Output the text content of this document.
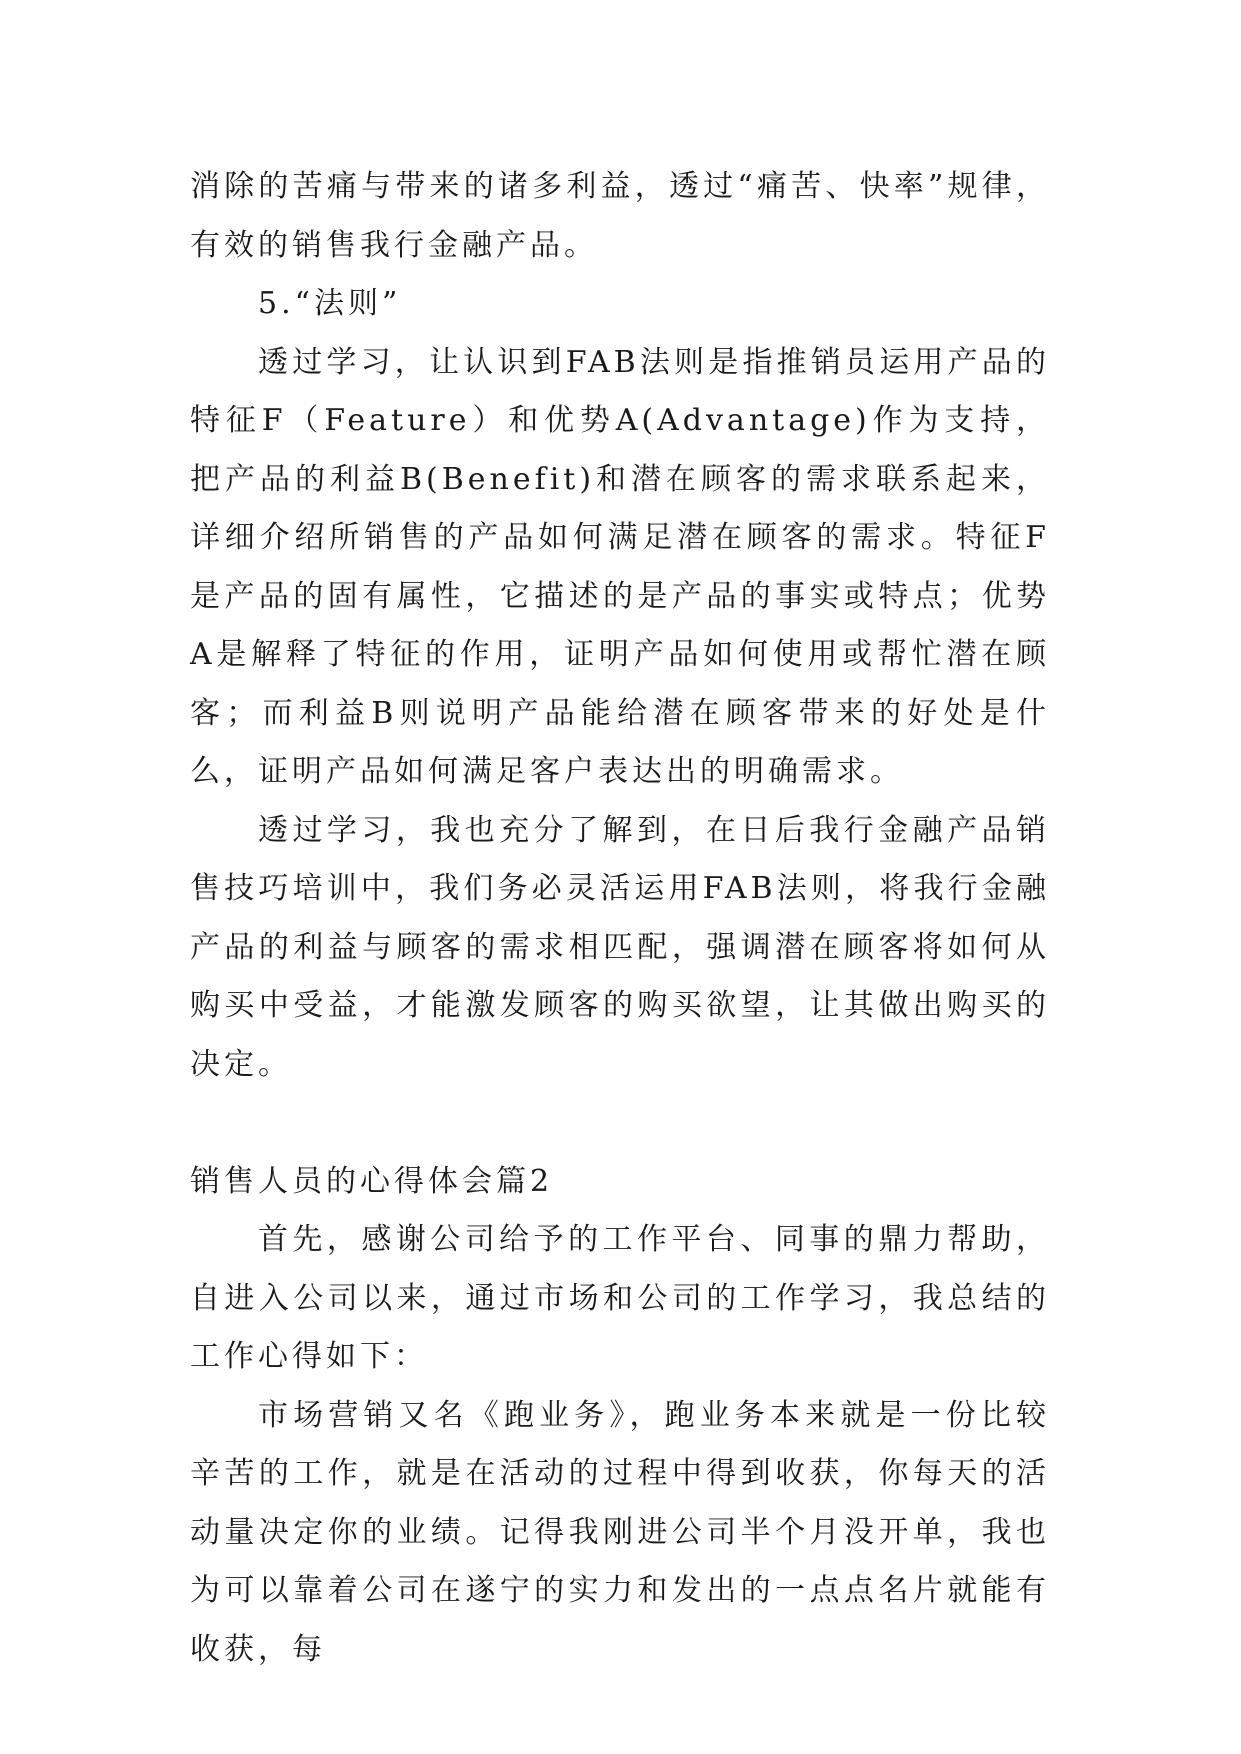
消除的苦痛与带来的诸多利益，透过“痛苦、快率”规律，有效的销售我行金融产品。

5.“法则”

透过学习，让认识到FAB法则是指推销员运用产品的特征F（Feature）和优势A(Advantage)作为支持，把产品的利益B(Benefit)和潜在顾客的需求联系起来，详细介绍所销售的产品如何满足潜在顾客的需求。特征F是产品的固有属性，它描述的是产品的事实或特点；优势A是解释了特征的作用，证明产品如何使用或帮忙潜在顾客；而利益B则说明产品能给潜在顾客带来的好处是什么，证明产品如何满足客户表达出的明确需求。

透过学习，我也充分了解到，在日后我行金融产品销售技巧培训中，我们务必灵活运用FAB法则，将我行金融产品的利益与顾客的需求相匹配，强调潜在顾客将如何从购买中受益，才能激发顾客的购买欲望，让其做出购买的决定。

销售人员的心得体会篇2

首先，感谢公司给予的工作平台、同事的鼎力帮助，自进入公司以来，通过市场和公司的工作学习，我总结的工作心得如下：

市场营销又名《跑业务》，跑业务本来就是一份比较辛苦的工作，就是在活动的过程中得到收获，你每天的活动量决定你的业绩。记得我刚进公司半个月没开单，我也为可以靠着公司在遂宁的实力和发出的一点点名片就能有收获，每
